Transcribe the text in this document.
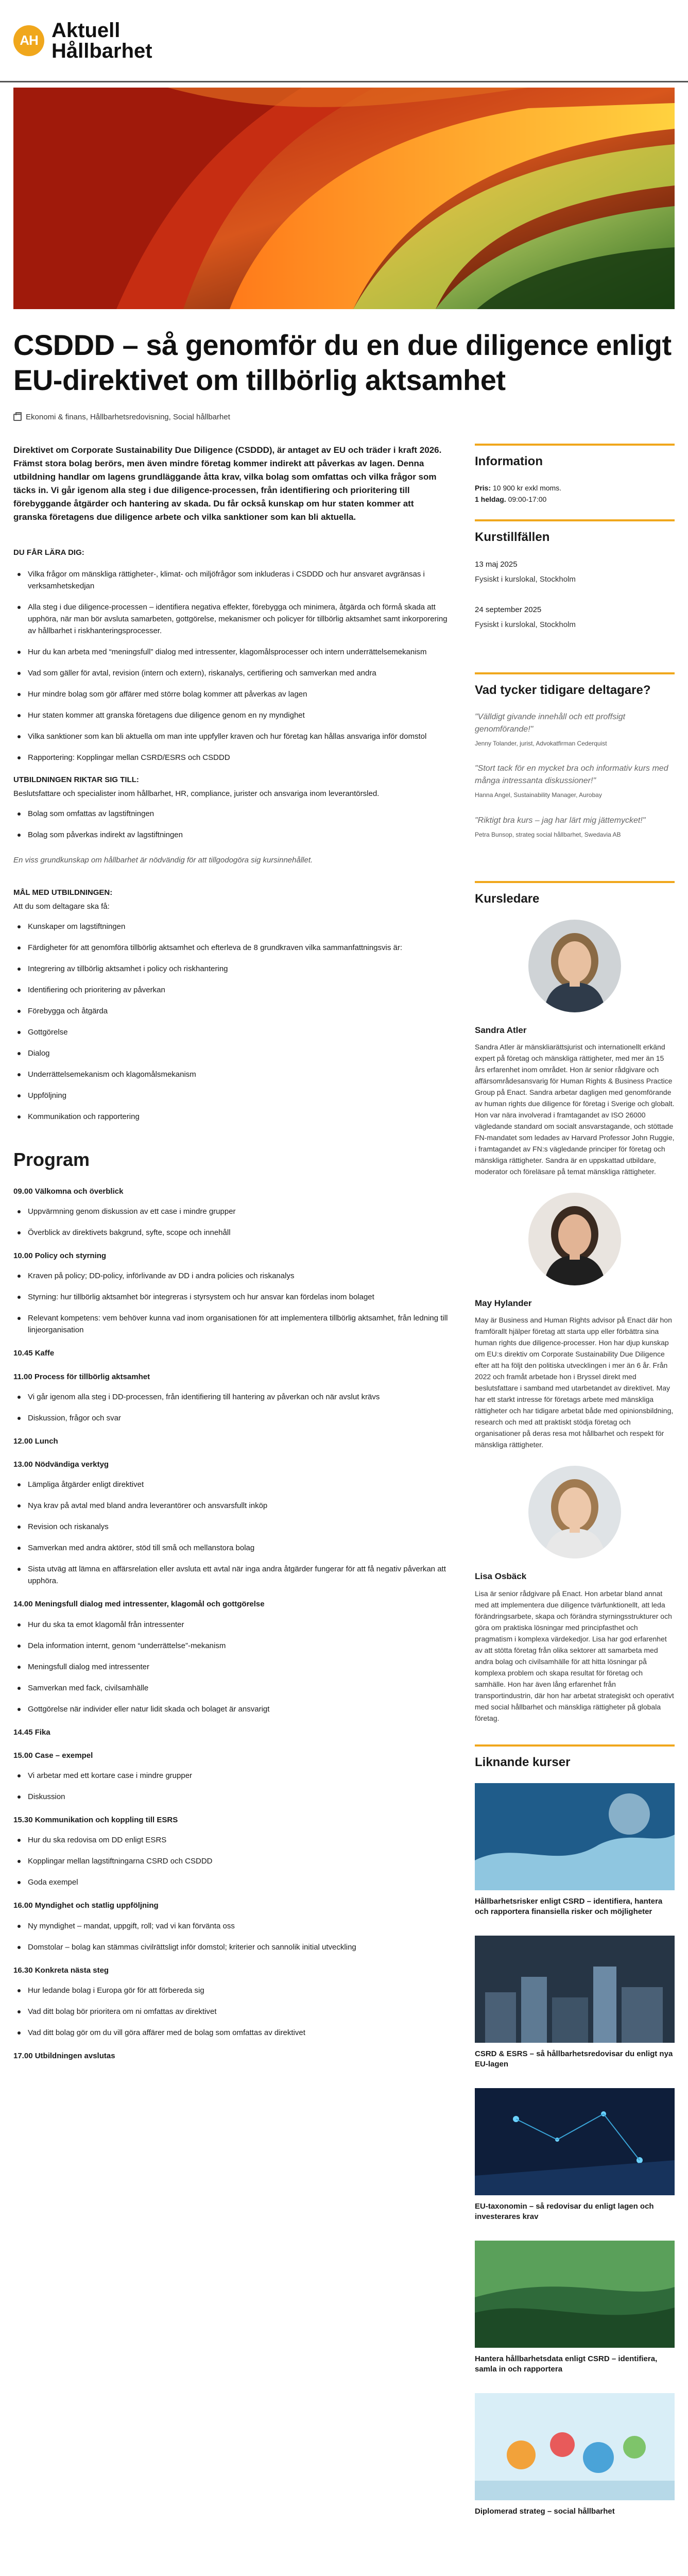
AH Aktuell
Hållbarhet
CSDDD – så genomför du en due diligence enligt EU-direktivet om tillbörlig aktsamhet
Ekonomi & finans, Hållbarhetsredovisning, Social hållbarhet

Direktivet om Corporate Sustainability Due Diligence (CSDDD), är antaget av EU och träder i kraft 2026. Främst stora bolag berörs, men även mindre företag kommer indirekt att påverkas av lagen. Denna utbildning handlar om lagens grundläggande åtta krav, vilka bolag som omfattas och vilka frågor som täcks in. Vi går igenom alla steg i due diligence-processen, från identifiering och prioritering till förebyggande åtgärder och hantering av skada. Du får också kunskap om hur staten kommer att granska företagens due diligence arbete och vilka sanktioner som kan bli aktuella.

DU FÅR LÄRA DIG:
Vilka frågor om mänskliga rättigheter-, klimat- och miljöfrågor som inkluderas i CSDDD och hur ansvaret avgränsas i verksamhetskedjan
Alla steg i due diligence-processen – identifiera negativa effekter, förebygga och minimera, åtgärda och förmå skada att upphöra, när man bör avsluta samarbeten, gottgörelse, mekanismer och policyer för tillbörlig aktsamhet samt inkorporering av hållbarhet i riskhanteringsprocesser.
Hur du kan arbeta med “meningsfull” dialog med intressenter, klagomålsprocesser och intern underrättelsemekanism
Vad som gäller för avtal, revision (intern och extern), riskanalys, certifiering och samverkan med andra
Hur mindre bolag som gör affärer med större bolag kommer att påverkas av lagen
Hur staten kommer att granska företagens due diligence genom en ny myndighet
Vilka sanktioner som kan bli aktuella om man inte uppfyller kraven och hur företag kan hållas ansvariga inför domstol
Rapportering: Kopplingar mellan CSRD/ESRS och CSDDD
UTBILDNINGEN RIKTAR SIG TILL:

Beslutsfattare och specialister inom hållbarhet, HR, compliance, jurister och ansvariga inom leverantörsled.

Bolag som omfattas av lagstiftningen
Bolag som påverkas indirekt av lagstiftningen

En viss grundkunskap om hållbarhet är nödvändig för att tillgodogöra sig kursinnehållet.

MÅL MED UTBILDNINGEN:

Att du som deltagare ska få:

Kunskaper om lagstiftningen
Färdigheter för att genomföra tillbörlig aktsamhet och efterleva de 8 grundkraven vilka sammanfattningsvis är:
Integrering av tillbörlig aktsamhet i policy och riskhantering
Identifiering och prioritering av påverkan
Förebygga och åtgärda
Gottgörelse
Dialog
Underrättelsemekanism och klagomålsmekanism
Uppföljning
Kommunikation och rapportering
Program
09.00 Välkomna och överblick
Uppvärmning genom diskussion av ett case i mindre grupper
Överblick av direktivets bakgrund, syfte, scope och innehåll
10.00 Policy och styrning
Kraven på policy; DD-policy, införlivande av DD i andra policies och riskanalys
Styrning: hur tillbörlig aktsamhet bör integreras i styrsystem och hur ansvar kan fördelas inom bolaget
Relevant kompetens: vem behöver kunna vad inom organisationen för att implementera tillbörlig aktsamhet, från ledning till linjeorganisation
10.45 Kaffe
11.00 Process för tillbörlig aktsamhet
Vi går igenom alla steg i DD-processen, från identifiering till hantering av påverkan och när avslut krävs
Diskussion, frågor och svar
12.00 Lunch
13.00 Nödvändiga verktyg
Lämpliga åtgärder enligt direktivet
Nya krav på avtal med bland andra leverantörer och ansvarsfullt inköp
Revision och riskanalys
Samverkan med andra aktörer, stöd till små och mellanstora bolag
Sista utväg att lämna en affärsrelation eller avsluta ett avtal när inga andra åtgärder fungerar för att få negativ påverkan att upphöra.
14.00 Meningsfull dialog med intressenter, klagomål och gottgörelse
Hur du ska ta emot klagomål från intressenter
Dela information internt, genom “underrättelse”-mekanism
Meningsfull dialog med intressenter
Samverkan med fack, civilsamhälle
Gottgörelse när individer eller natur lidit skada och bolaget är ansvarigt
14.45 Fika
15.00 Case – exempel
Vi arbetar med ett kortare case i mindre grupper
Diskussion
15.30 Kommunikation och koppling till ESRS
Hur du ska redovisa om DD enligt ESRS
Kopplingar mellan lagstiftningarna CSRD och CSDDD
Goda exempel
16.00 Myndighet och statlig uppföljning
Ny myndighet – mandat, uppgift, roll; vad vi kan förvänta oss
Domstolar – bolag kan stämmas civilrättsligt inför domstol; kriterier och sannolik initial utveckling
16.30 Konkreta nästa steg
Hur ledande bolag i Europa gör för att förbereda sig
Vad ditt bolag bör prioritera om ni omfattas av direktivet
Vad ditt bolag gör om du vill göra affärer med de bolag som omfattas av direktivet
17.00 Utbildningen avslutas
Information
Pris: 10 900 kr exkl moms.
1 heldag. 09:00-17:00
Kurstillfällen
13 maj 2025
Fysiskt i kurslokal, Stockholm
24 september 2025
Fysiskt i kurslokal, Stockholm
Vad tycker tidigare deltagare?
"Välldigt givande innehåll och ett proffsigt genomförande!"
Jenny Tolander, jurist, Advokatfirman Cederquist
"Stort tack för en mycket bra och informativ kurs med många intressanta diskussioner!"
Hanna Angel, Sustainability Manager, Aurobay
"Riktigt bra kurs – jag har lärt mig jättemycket!"
Petra Bunsop, strateg social hållbarhet, Swedavia AB
Kursledare
Sandra Atler
Sandra Atler är mänskliarättsjurist och internationellt erkänd expert på företag och mänskliga rättigheter, med mer än 15 års erfarenhet inom området. Hon är senior rådgivare och affärsområdesansvarig för Human Rights & Business Practice Group på Enact. Sandra arbetar dagligen med genomförande av human rights due diligence för företag i Sverige och globalt. Hon var nära involverad i framtagandet av ISO 26000 vägledande standard om socialt ansvarstagande, och stöttade FN-mandatet som ledades av Harvard Professor John Ruggie, i framtagandet av FN:s vägledande principer för företag och mänskliga rättigheter. Sandra är en uppskattad utbildare, moderator och föreläsare på temat mänskliga rättigheter.
May Hylander
May är Business and Human Rights advisor på Enact där hon framförallt hjälper företag att starta upp eller förbättra sina human rights due diligence-processer. Hon har djup kunskap om EU:s direktiv om Corporate Sustainability Due Diligence efter att ha följt den politiska utvecklingen i mer än 6 år. Från 2022 och framåt arbetade hon i Bryssel direkt med beslutsfattare i samband med utarbetandet av direktivet. May har ett starkt intresse för företags arbete med mänskliga rättigheter och har tidigare arbetat både med opinionsbildning, research och med att praktiskt stödja företag och organisationer på deras resa mot hållbarhet och respekt för mänskliga rättigheter.
Lisa Osbäck
Lisa är senior rådgivare på Enact. Hon arbetar bland annat med att implementera due diligence tvärfunktionellt, att leda förändringsarbete, skapa och förändra styrningsstrukturer och göra om praktiska lösningar med principfasthet och pragmatism i komplexa värdekedjor. Lisa har god erfarenhet av att stötta företag från olika sektorer att samarbeta med andra bolag och civilsamhälle för att hitta lösningar på komplexa problem och skapa resultat för företag och samhälle. Hon har även lång erfarenhet från transportindustrin, där hon har arbetat strategiskt och operativt med social hållbarhet och mänskliga rättigheter på globala företag.
Liknande kurser
Hållbarhetsrisker enligt CSRD – identifiera, hantera och rapportera finansiella risker och möjligheter
CSRD & ESRS – så hållbarhetsredovisar du enligt nya EU-lagen
EU-taxonomin – så redovisar du enligt lagen och investerares krav
Hantera hållbarhetsdata enligt CSRD – identifiera, samla in och rapportera
Diplomerad strateg – social hållbarhet
